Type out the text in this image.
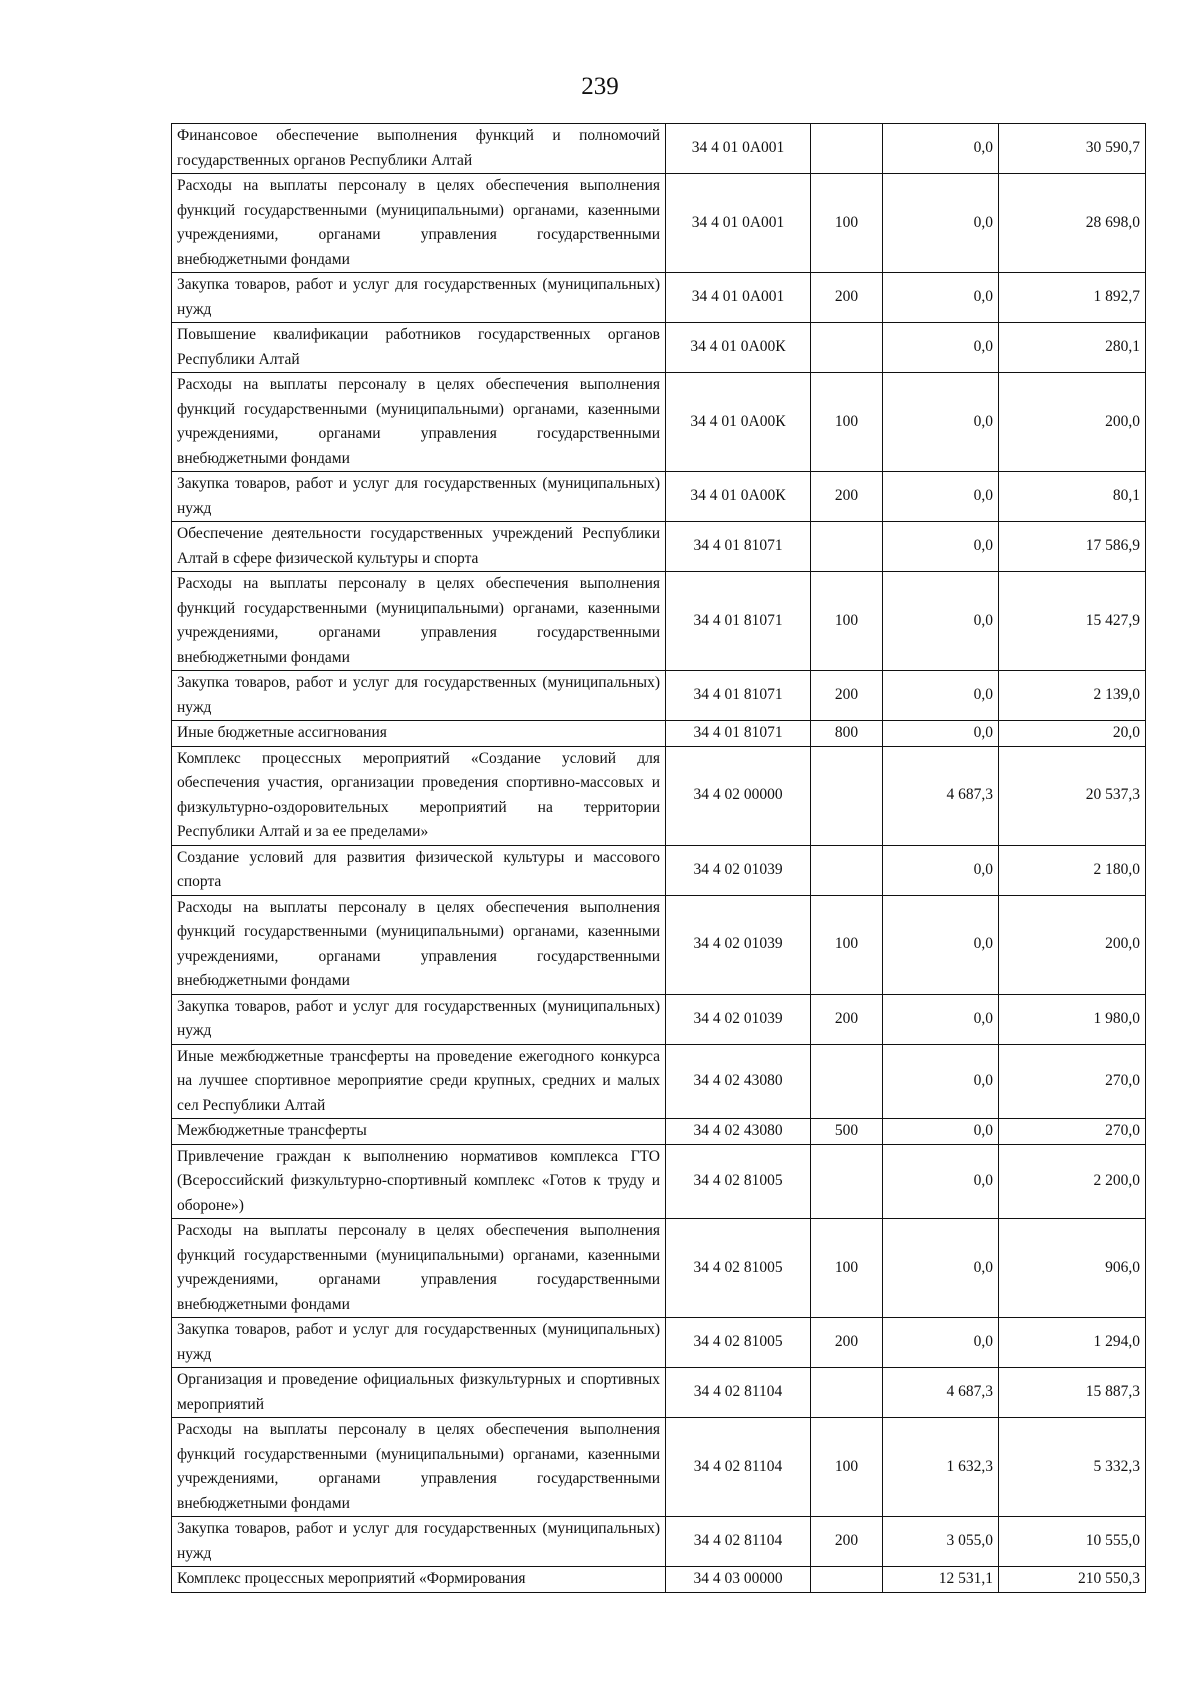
239
Финансовое обеспечение выполнения функций и полномочий государственных органов Республики Алтай	34 4 01 0А001		0,0	30 590,7
Расходы на выплаты персоналу в целях обеспечения выполнения функций государственными (муниципальными) органами, казенными учреждениями, органами управления государственными внебюджетными фондами	34 4 01 0А001	100	0,0	28 698,0
Закупка товаров, работ и услуг для государственных (муниципальных) нужд	34 4 01 0А001	200	0,0	1 892,7
Повышение квалификации работников государственных органов Республики Алтай	34 4 01 0А00К		0,0	280,1
Расходы на выплаты персоналу в целях обеспечения выполнения функций государственными (муниципальными) органами, казенными учреждениями, органами управления государственными внебюджетными фондами	34 4 01 0А00К	100	0,0	200,0
Закупка товаров, работ и услуг для государственных (муниципальных) нужд	34 4 01 0А00К	200	0,0	80,1
Обеспечение деятельности государственных учреждений Республики Алтай в сфере физической культуры и спорта	34 4 01 81071		0,0	17 586,9
Расходы на выплаты персоналу в целях обеспечения выполнения функций государственными (муниципальными) органами, казенными учреждениями, органами управления государственными внебюджетными фондами	34 4 01 81071	100	0,0	15 427,9
Закупка товаров, работ и услуг для государственных (муниципальных) нужд	34 4 01 81071	200	0,0	2 139,0
Иные бюджетные ассигнования	34 4 01 81071	800	0,0	20,0
Комплекс процессных мероприятий «Создание условий для обеспечения участия, организации проведения спортивно-массовых и физкультурно-оздоровительных мероприятий на территории Республики Алтай и за ее пределами»	34 4 02 00000		4 687,3	20 537,3
Создание условий для развития физической культуры и массового спорта	34 4 02 01039		0,0	2 180,0
Расходы на выплаты персоналу в целях обеспечения выполнения функций государственными (муниципальными) органами, казенными учреждениями, органами управления государственными внебюджетными фондами	34 4 02 01039	100	0,0	200,0
Закупка товаров, работ и услуг для государственных (муниципальных) нужд	34 4 02 01039	200	0,0	1 980,0
Иные межбюджетные трансферты на проведение ежегодного конкурса на лучшее спортивное мероприятие среди крупных, средних и малых сел Республики Алтай	34 4 02 43080		0,0	270,0
Межбюджетные трансферты	34 4 02 43080	500	0,0	270,0
Привлечение граждан к выполнению нормативов комплекса ГТО (Всероссийский физкультурно-спортивный комплекс «Готов к труду и обороне»)	34 4 02 81005		0,0	2 200,0
Расходы на выплаты персоналу в целях обеспечения выполнения функций государственными (муниципальными) органами, казенными учреждениями, органами управления государственными внебюджетными фондами	34 4 02 81005	100	0,0	906,0
Закупка товаров, работ и услуг для государственных (муниципальных) нужд	34 4 02 81005	200	0,0	1 294,0
Организация и проведение официальных физкультурных и спортивных мероприятий	34 4 02 81104		4 687,3	15 887,3
Расходы на выплаты персоналу в целях обеспечения выполнения функций государственными (муниципальными) органами, казенными учреждениями, органами управления государственными внебюджетными фондами	34 4 02 81104	100	1 632,3	5 332,3
Закупка товаров, работ и услуг для государственных (муниципальных) нужд	34 4 02 81104	200	3 055,0	10 555,0
Комплекс процессных мероприятий «Формирования	34 4 03 00000		12 531,1	210 550,3
